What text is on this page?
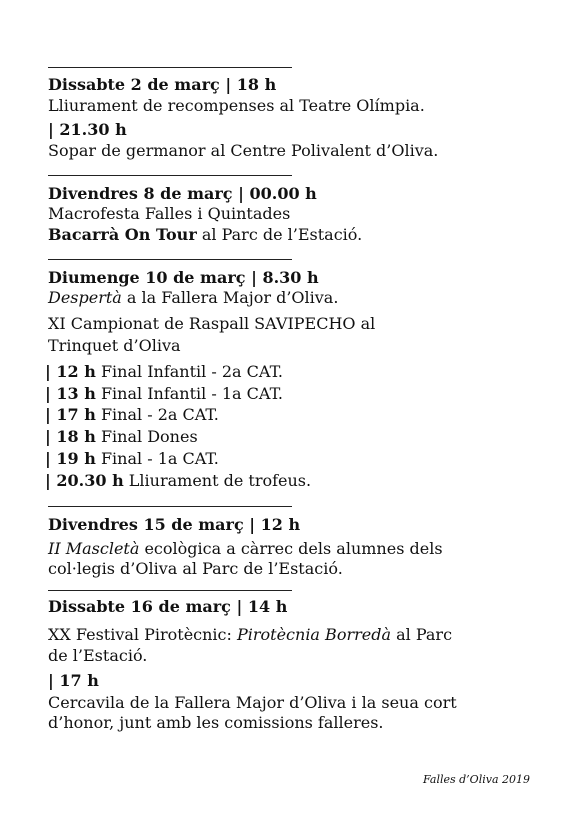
Dissabte 2 de març | 18 h
Lliurament de recompenses al Teatre Olímpia.
| 21.30 h
Sopar de germanor al Centre Polivalent d’Oliva.
Divendres 8 de març | 00.00 h
Macrofesta Falles i Quintades
Bacarrà On Tour al Parc de l’Estació.
Diumenge 10 de març | 8.30 h
Despertà a la Fallera Major d’Oliva.
XI Campionat de Raspall SAVIPECHO al
Trinquet d’Oliva
| 12 h Final Infantil - 2a CAT.
| 13 h Final Infantil - 1a CAT.
| 17 h Final - 2a CAT.
| 18 h Final Dones
| 19 h Final - 1a CAT.
| 20.30 h Lliurament de trofeus.
Divendres 15 de març | 12 h
II Mascletà ecològica a càrrec dels alumnes dels
col·legis d’Oliva al Parc de l’Estació.
Dissabte 16 de març | 14 h
XX Festival Pirotècnic: Pirotècnia Borredà al Parc
de l’Estació.
| 17 h
Cercavila de la Fallera Major d’Oliva i la seua cort
d’honor, junt amb les comissions falleres.
Falles d’Oliva 2019
